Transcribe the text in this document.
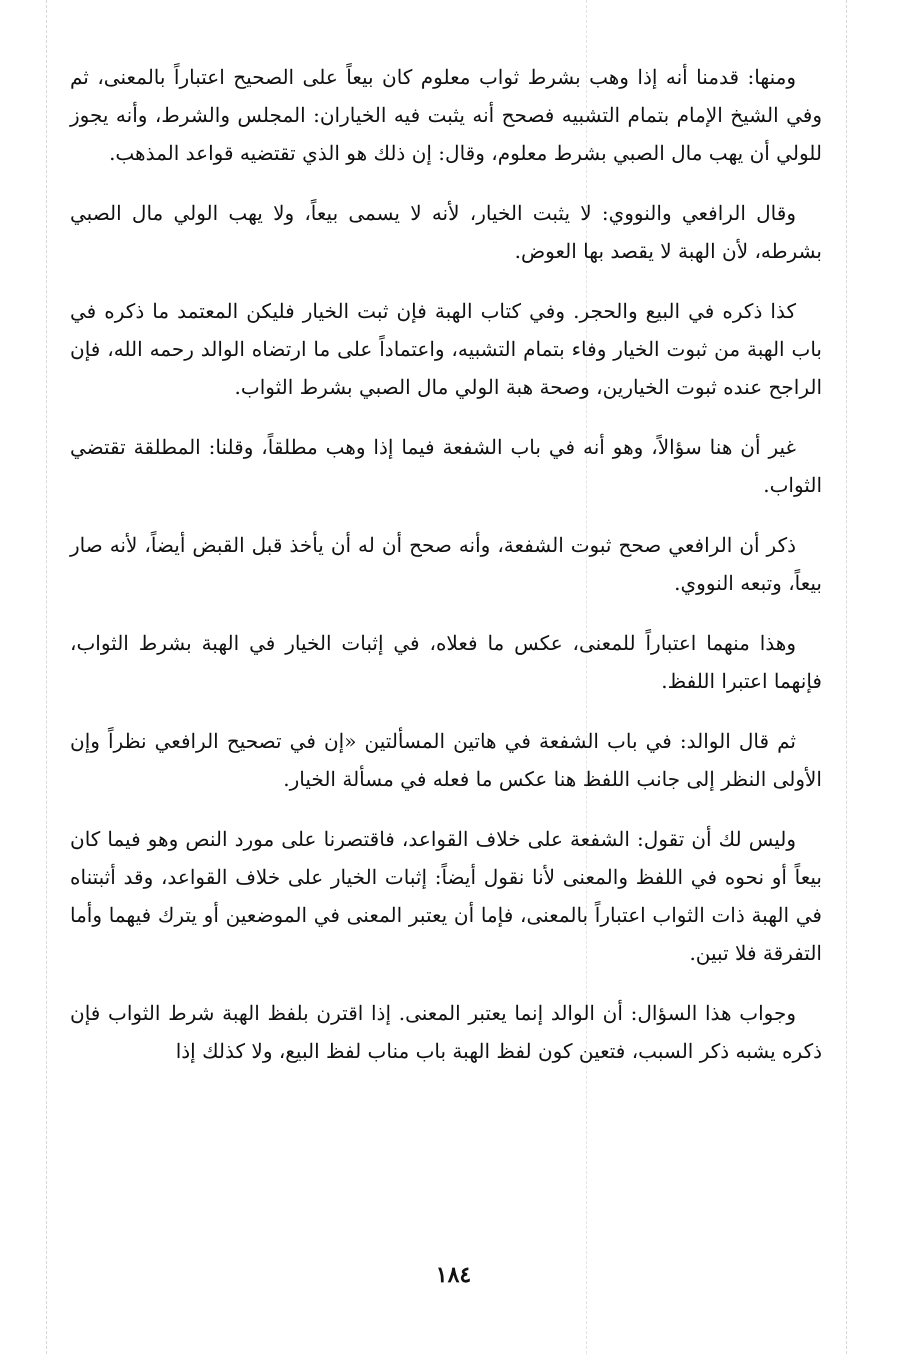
ومنها: قدمنا أنه إذا وهب بشرط ثواب معلوم كان بيعاً على الصحيح اعتباراً بالمعنى، ثم وفي الشيخ الإمام بتمام التشبيه فصحح أنه يثبت فيه الخياران: المجلس والشرط، وأنه يجوز للولي أن يهب مال الصبي بشرط معلوم، وقال: إن ذلك هو الذي تقتضيه قواعد المذهب.

وقال الرافعي والنووي: لا يثبت الخيار، لأنه لا يسمى بيعاً، ولا يهب الولي مال الصبي بشرطه، لأن الهبة لا يقصد بها العوض.

كذا ذكره في البيع والحجر. وفي كتاب الهبة فإن ثبت الخيار فليكن المعتمد ما ذكره في باب الهبة من ثبوت الخيار وفاء بتمام التشبيه، واعتماداً على ما ارتضاه الوالد رحمه الله، فإن الراجح عنده ثبوت الخيارين، وصحة هبة الولي مال الصبي بشرط الثواب.

غير أن هنا سؤالاً، وهو أنه في باب الشفعة فيما إذا وهب مطلقاً، وقلنا: المطلقة تقتضي الثواب.

ذكر أن الرافعي صحح ثبوت الشفعة، وأنه صحح أن له أن يأخذ قبل القبض أيضاً، لأنه صار بيعاً، وتبعه النووي.

وهذا منهما اعتباراً للمعنى، عكس ما فعلاه، في إثبات الخيار في الهبة بشرط الثواب، فإنهما اعتبرا اللفظ.

ثم قال الوالد: في باب الشفعة في هاتين المسألتين «إن في تصحيح الرافعي نظراً وإن الأولى النظر إلى جانب اللفظ هنا عكس ما فعله في مسألة الخيار.

وليس لك أن تقول: الشفعة على خلاف القواعد، فاقتصرنا على مورد النص وهو فيما كان بيعاً أو نحوه في اللفظ والمعنى لأنا نقول أيضاً: إثبات الخيار على خلاف القواعد، وقد أثبتناه في الهبة ذات الثواب اعتباراً بالمعنى، فإما أن يعتبر المعنى في الموضعين أو يترك فيهما وأما التفرقة فلا تبين.

وجواب هذا السؤال: أن الوالد إنما يعتبر المعنى. إذا اقترن بلفظ الهبة شرط الثواب فإن ذكره يشبه ذكر السبب، فتعين كون لفظ الهبة باب مناب لفظ البيع، ولا كذلك إذا

١٨٤
